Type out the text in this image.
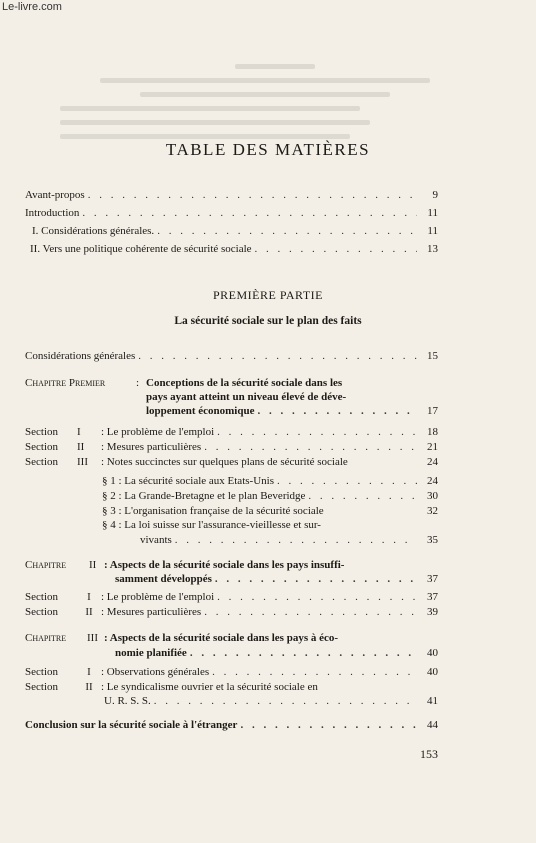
Le-livre.com
TABLE DES MATIÈRES
Avant-propos . . .	9
Introduction . . .	11
I. Considérations générales. . . .	11
II. Vers une politique cohérente de sécurité sociale . . .	13
PREMIÈRE PARTIE
La sécurité sociale sur le plan des faits
Considérations générales . . .	15
Chapitre Premier	: Conceptions de la sécurité sociale dans les
pays ayant atteint un niveau élevé de déve-
loppement économique . . .	17
Section	I	: Le problème de l'emploi . . .	18
Section	II	: Mesures particulières . . .	21
Section	III	: Notes succinctes sur quelques plans de sécurité sociale	24
§ 1 : La sécurité sociale aux Etats-Unis . . .	24
§ 2 : La Grande-Bretagne et le plan Beveridge . . .	30
§ 3 : L'organisation française de la sécurité sociale	32
§ 4 : La loi suisse sur l'assurance-vieillesse et sur-
vivants . . .	35
Chapitre II : Aspects de la sécurité sociale dans les pays insuffi-
samment développés . . .	37
Section	I : Le problème de l'emploi . . .	37
Section	II : Mesures particulières . . .	39
Chapitre III : Aspects de la sécurité sociale dans les pays à éco-
nomie planifiée . . .	40
Section	I : Observations générales . . .	40
Section II : Le syndicalisme ouvrier et la sécurité sociale en
U. R. S. S. . . .	41
Conclusion sur la sécurité sociale à l'étranger . . .	44
153
